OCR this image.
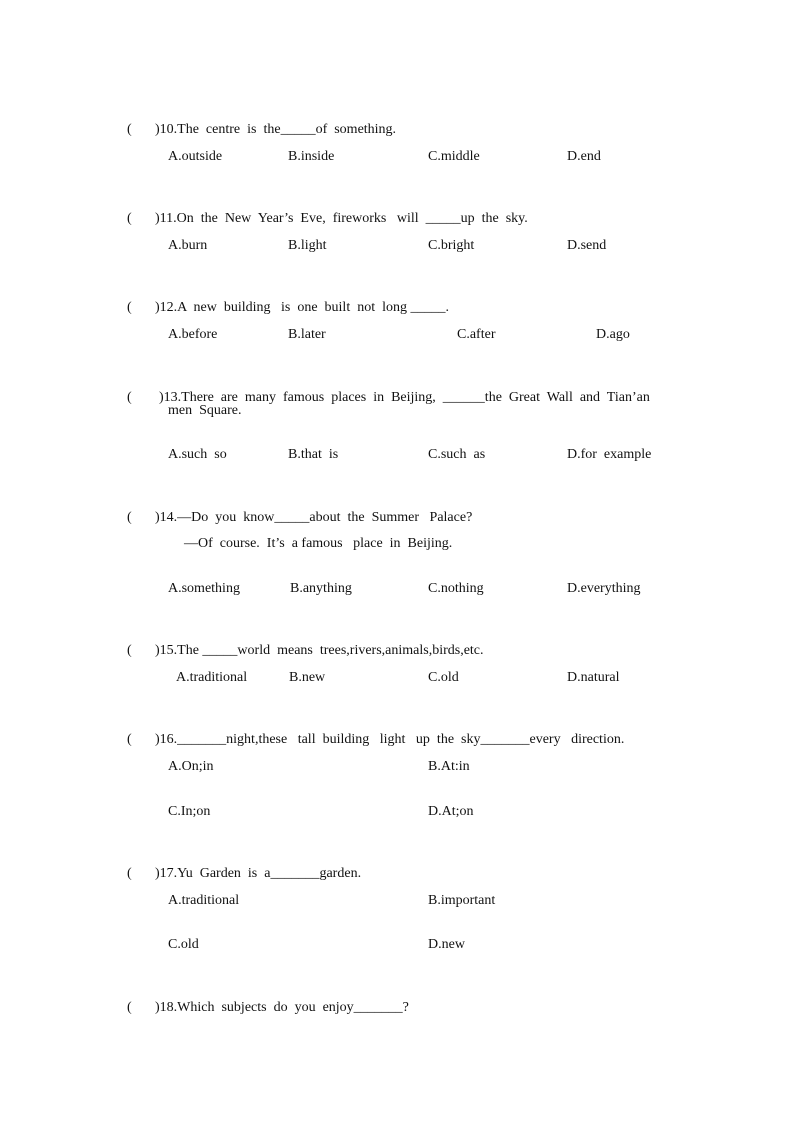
( )10.The  centre  is  the_____of  something.

A.outside	B.inside	C.middle	D.end

( )11.On  the  New  Year’s  Eve,  fireworks   will  _____up  the  sky.

A.burn	B.light	C.bright	D.send

( )12.A  new  building   is  one  built  not  long _____.

A.before	B.later	C.after	D.ago

( )13.There  are  many  famous  places  in  Beijing,  ______the  Great  Wall  and  Tian’an

men  Square.
A.such  so	B.that  is	C.such  as	D.for  example

( )14.—Do  you  know_____about  the  Summer   Palace?

—Of  course.  It’s  a famous   place  in  Beijing.
A.something	B.anything	C.nothing	D.everything

( )15.The _____world  means  trees,rivers,animals,birds,etc.

A.traditional	B.new	C.old	D.natural

( )16._______night,these   tall  building   light   up  the  sky_______every   direction.

A.On;in	B.At:in
C.In;on	D.At;on

( )17.Yu  Garden  is  a_______garden.

A.traditional	B.important
C.old	D.new

( )18.Which  subjects  do  you  enjoy_______?
